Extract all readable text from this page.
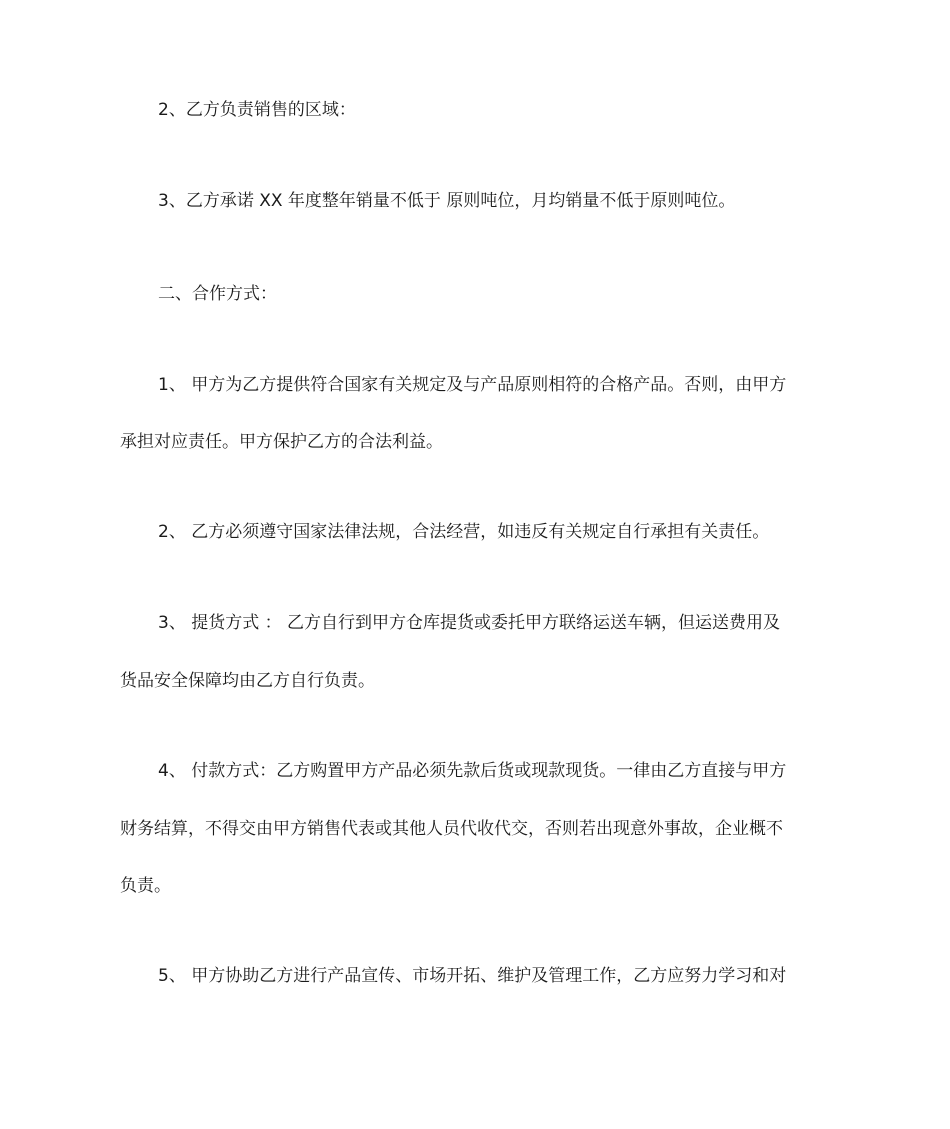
2、乙方负责销售的区域：
3、乙方承诺 XX 年度整年销量不低于 原则吨位，月均销量不低于原则吨位。
二、合作方式：
1、 甲方为乙方提供符合国家有关规定及与产品原则相符的合格产品。否则，由甲方
承担对应责任。甲方保护乙方的合法利益。
2、 乙方必须遵守国家法律法规，合法经营，如违反有关规定自行承担有关责任。
3、 提货方式 ： 乙方自行到甲方仓库提货或委托甲方联络运送车辆，但运送费用及
货品安全保障均由乙方自行负责。
4、 付款方式：乙方购置甲方产品必须先款后货或现款现货。一律由乙方直接与甲方
财务结算，不得交由甲方销售代表或其他人员代收代交，否则若出现意外事故，企业概不
负责。
5、 甲方协助乙方进行产品宣传、市场开拓、维护及管理工作，乙方应努力学习和对
